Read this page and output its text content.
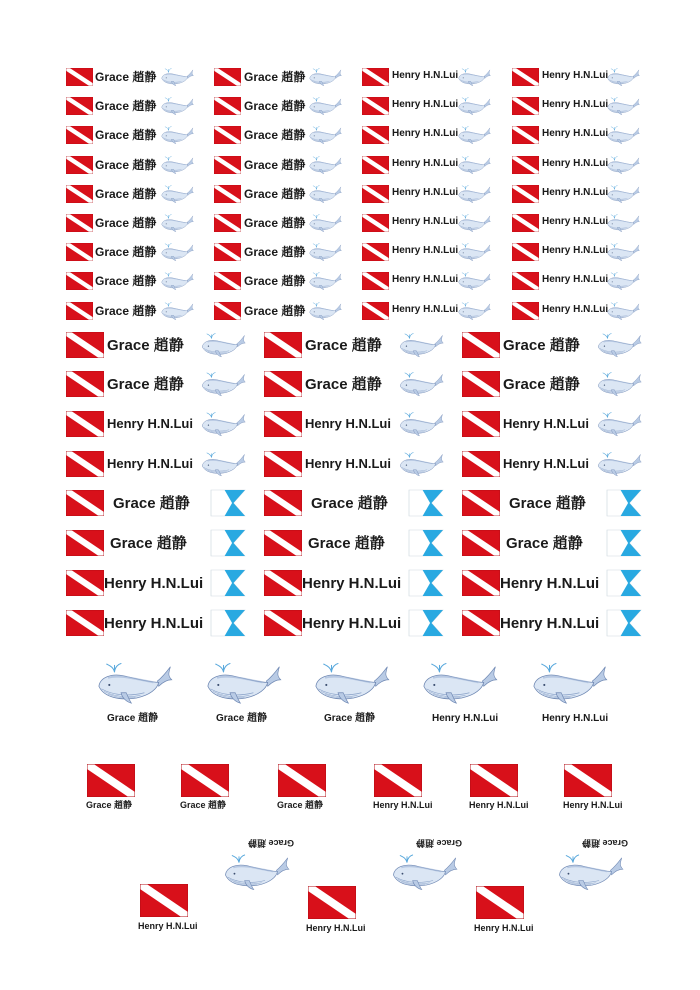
Grace 趙静	Grace 趙静	Henry H.N.Lui	Henry H.N.Lui
Grace 趙静	Grace 趙静	Henry H.N.Lui	Henry H.N.Lui
Grace 趙静	Grace 趙静	Henry H.N.Lui	Henry H.N.Lui
Grace 趙静	Grace 趙静	Henry H.N.Lui	Henry H.N.Lui
Grace 趙静	Grace 趙静	Henry H.N.Lui	Henry H.N.Lui
Grace 趙静	Grace 趙静	Henry H.N.Lui	Henry H.N.Lui
Grace 趙静	Grace 趙静	Henry H.N.Lui	Henry H.N.Lui
Grace 趙静	Grace 趙静	Henry H.N.Lui	Henry H.N.Lui
Grace 趙静	Grace 趙静	Henry H.N.Lui	Henry H.N.Lui
Grace 趙静	Grace 趙静	Grace 趙静
Grace 趙静	Grace 趙静	Grace 趙静
Henry H.N.Lui	Henry H.N.Lui	Henry H.N.Lui
Henry H.N.Lui	Henry H.N.Lui	Henry H.N.Lui
Grace 趙静	Grace 趙静	Grace 趙静
Grace 趙静	Grace 趙静	Grace 趙静
Henry H.N.Lui	Henry H.N.Lui	Henry H.N.Lui
Henry H.N.Lui	Henry H.N.Lui	Henry H.N.Lui
Grace 趙静	Grace 趙静	Grace 趙静	Henry H.N.Lui	Henry H.N.Lui
Grace 趙静	Grace 趙静	Grace 趙静	Henry H.N.Lui	Henry H.N.Lui	Henry H.N.Lui
Grace 趙静	Grace 趙静	Grace 趙静
Henry H.N.Lui	Henry H.N.Lui	Henry H.N.Lui
